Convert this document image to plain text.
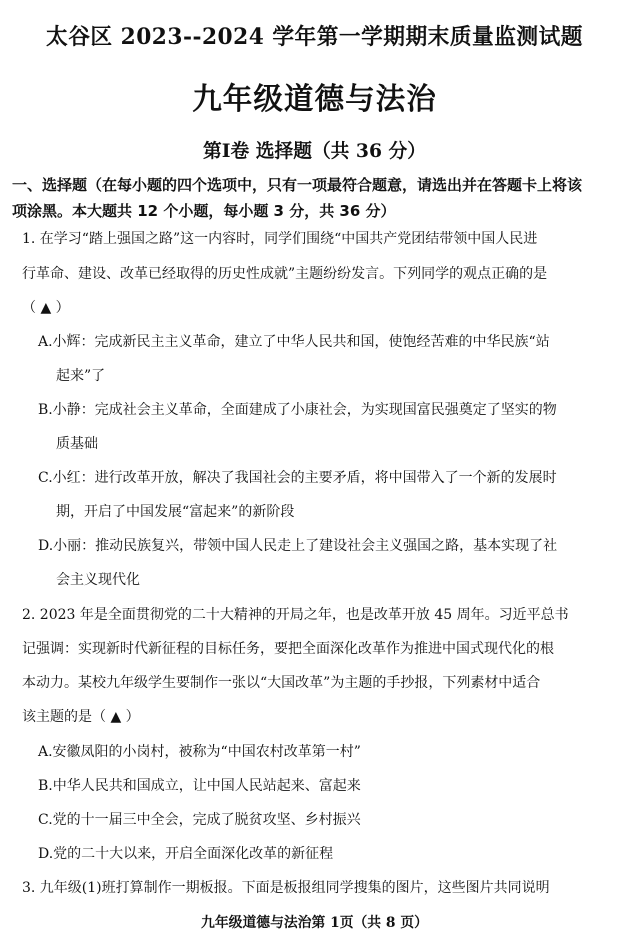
太谷区 2023--2024 学年第一学期期末质量监测试题
九年级道德与法治
第Ⅰ卷 选择题（共 36 分）
一、选择题（在每小题的四个选项中，只有一项最符合题意，请选出并在答题卡上将该
项涂黑。本大题共 12 个小题，每小题 3 分，共 36 分）
1. 在学习“踏上强国之路”这一内容时，同学们围绕“中国共产党团结带领中国人民进
行革命、建设、改革已经取得的历史性成就”主题纷纷发言。下列同学的观点正确的是
（ ▲ ）
A.小辉：完成新民主主义革命，建立了中华人民共和国，使饱经苦难的中华民族“站
起来”了
B.小静：完成社会主义革命，全面建成了小康社会，为实现国富民强奠定了坚实的物
质基础
C.小红：进行改革开放，解决了我国社会的主要矛盾，将中国带入了一个新的发展时
期，开启了中国发展“富起来”的新阶段
D.小丽：推动民族复兴，带领中国人民走上了建设社会主义强国之路，基本实现了社
会主义现代化
2. 2023 年是全面贯彻党的二十大精神的开局之年，也是改革开放 45 周年。习近平总书
记强调：实现新时代新征程的目标任务，要把全面深化改革作为推进中国式现代化的根
本动力。某校九年级学生要制作一张以“大国改革”为主题的手抄报，下列素材中适合
该主题的是（ ▲ ）
A.安徽凤阳的小岗村，被称为“中国农村改革第一村”
B.中华人民共和国成立，让中国人民站起来、富起来
C.党的十一届三中全会，完成了脱贫攻坚、乡村振兴
D.党的二十大以来，开启全面深化改革的新征程
3. 九年级(1)班打算制作一期板报。下面是板报组同学搜集的图片，这些图片共同说明
九年级道德与法治第 1页（共 8 页）
